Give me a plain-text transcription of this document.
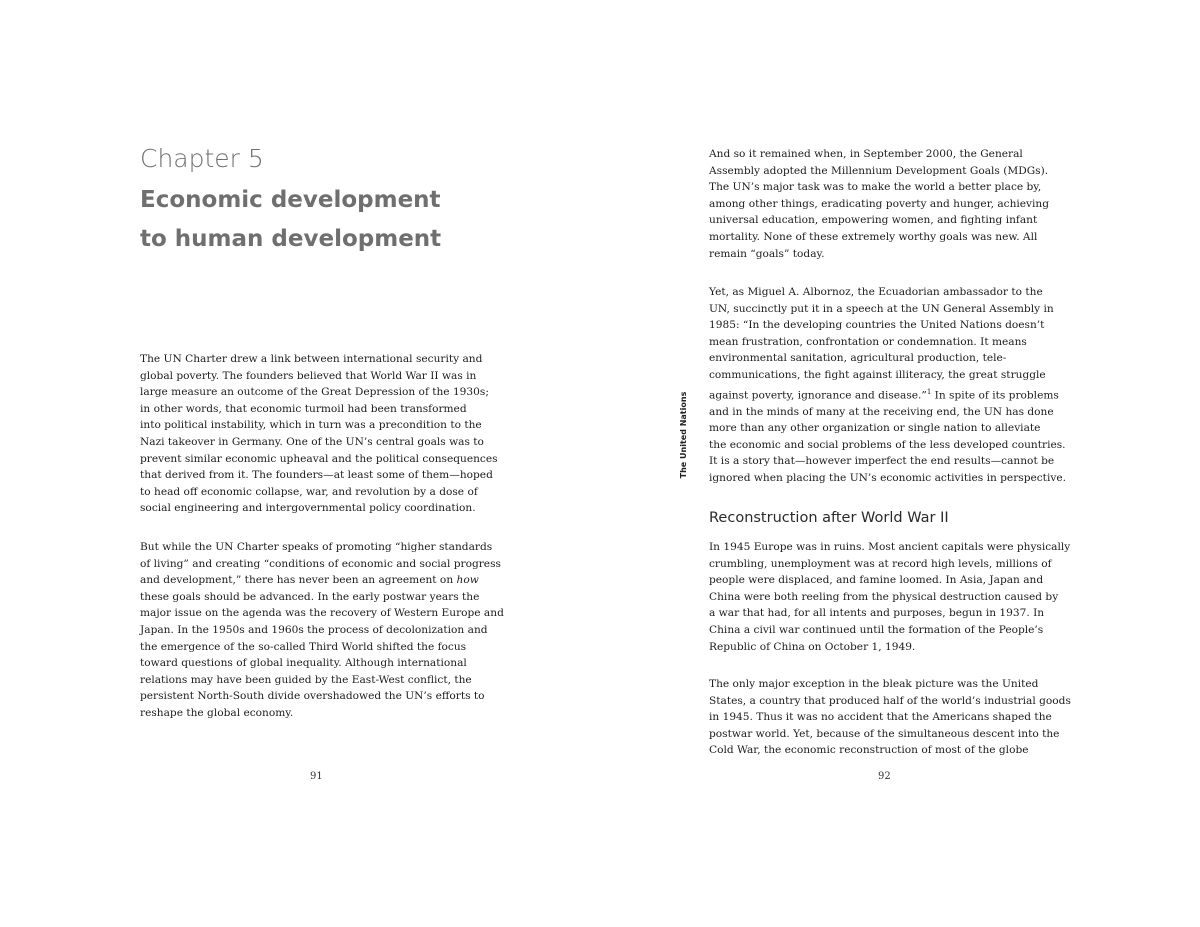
Chapter 5
Economic development
to human development

The UN Charter drew a link between international security and
global poverty. The founders believed that World War II was in
large measure an outcome of the Great Depression of the 1930s;
in other words, that economic turmoil had been transformed
into political instability, which in turn was a precondition to the
Nazi takeover in Germany. One of the UN’s central goals was to
prevent similar economic upheaval and the political consequences
that derived from it. The founders—at least some of them—hoped
to head off economic collapse, war, and revolution by a dose of
social engineering and intergovernmental policy coordination.

But while the UN Charter speaks of promoting “higher standards
of living” and creating “conditions of economic and social progress
and development,” there has never been an agreement on how
these goals should be advanced. In the early postwar years the
major issue on the agenda was the recovery of Western Europe and
Japan. In the 1950s and 1960s the process of decolonization and
the emergence of the so-called Third World shifted the focus
toward questions of global inequality. Although international
relations may have been guided by the East-West conflict, the
persistent North-South divide overshadowed the UN’s efforts to
reshape the global economy.

91
The United Nations

And so it remained when, in September 2000, the General
Assembly adopted the Millennium Development Goals (MDGs).
The UN’s major task was to make the world a better place by,
among other things, eradicating poverty and hunger, achieving
universal education, empowering women, and fighting infant
mortality. None of these extremely worthy goals was new. All
remain “goals” today.

Yet, as Miguel A. Albornoz, the Ecuadorian ambassador to the
UN, succinctly put it in a speech at the UN General Assembly in
1985: “In the developing countries the United Nations doesn’t
mean frustration, confrontation or condemnation. It means
environmental sanitation, agricultural production, tele-
communications, the fight against illiteracy, the great struggle
against poverty, ignorance and disease.”$^1$ In spite of its problems
and in the minds of many at the receiving end, the UN has done
more than any other organization or single nation to alleviate
the economic and social problems of the less developed countries.
It is a story that—however imperfect the end results—cannot be
ignored when placing the UN’s economic activities in perspective.

Reconstruction after World War II

In 1945 Europe was in ruins. Most ancient capitals were physically
crumbling, unemployment was at record high levels, millions of
people were displaced, and famine loomed. In Asia, Japan and
China were both reeling from the physical destruction caused by
a war that had, for all intents and purposes, begun in 1937. In
China a civil war continued until the formation of the People’s
Republic of China on October 1, 1949.

The only major exception in the bleak picture was the United
States, a country that produced half of the world’s industrial goods
in 1945. Thus it was no accident that the Americans shaped the
postwar world. Yet, because of the simultaneous descent into the
Cold War, the economic reconstruction of most of the globe

92
